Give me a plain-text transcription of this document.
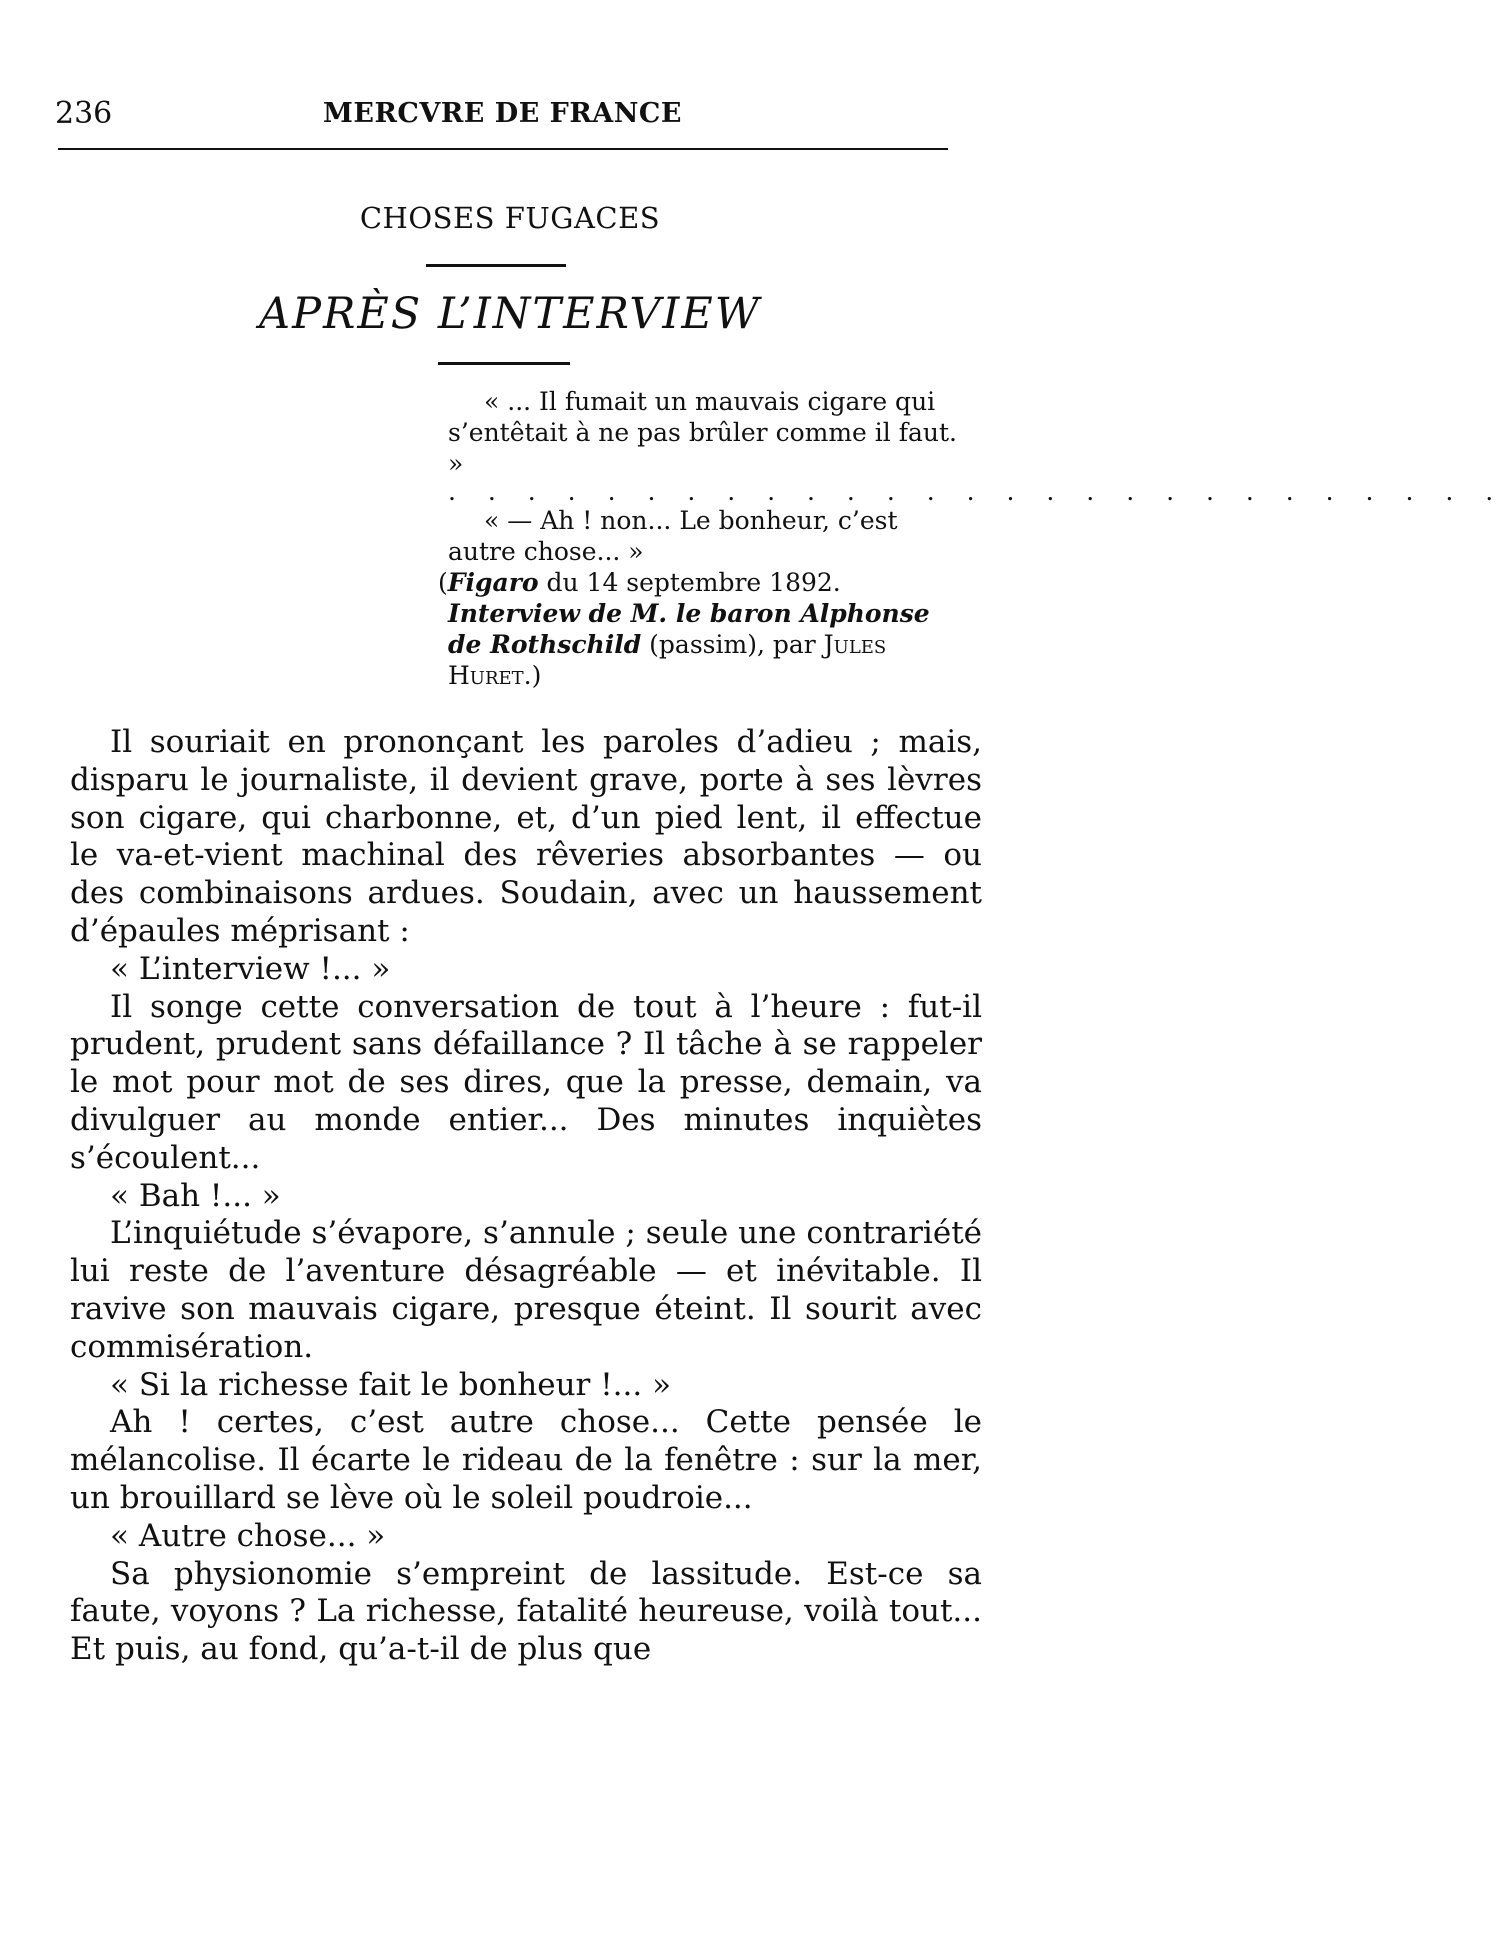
236	MERCVRE DE FRANCE
CHOSES FUGACES
APRÈS L’INTERVIEW

« ... Il fumait un mauvais cigare qui s’entêtait à ne pas brûler comme il faut. »

. . . . . . . . . . . . . . . . . . . . . . . . . . .

« — Ah ! non... Le bonheur, c’est autre chose... »

(Figaro du 14 septembre 1892. Interview de M. le baron Alphonse de Rothschild (passim), par Jules Huret.)

Il souriait en prononçant les paroles d’adieu ; mais, disparu le journaliste, il devient grave, porte à ses lèvres son cigare, qui charbonne, et, d’un pied lent, il effectue le va-et-vient machinal des rêveries absorbantes — ou des combinaisons ardues. Soudain, avec un haussement d’épaules méprisant :

« L’interview !... »

Il songe cette conversation de tout à l’heure : fut-il prudent, prudent sans défaillance ? Il tâche à se rappeler le mot pour mot de ses dires, que la presse, demain, va divulguer au monde entier... Des minutes inquiètes s’écoulent...

« Bah !... »

L’inquiétude s’évapore, s’annule ; seule une contrariété lui reste de l’aventure désagréable — et inévitable. Il ravive son mauvais cigare, presque éteint. Il sourit avec commisération.

« Si la richesse fait le bonheur !... »

Ah ! certes, c’est autre chose... Cette pensée le mélancolise. Il écarte le rideau de la fenêtre : sur la mer, un brouillard se lève où le soleil poudroie...

« Autre chose... »

Sa physionomie s’empreint de lassitude. Est-ce sa faute, voyons ? La richesse, fatalité heureuse, voilà tout... Et puis, au fond, qu’a-t-il de plus que
